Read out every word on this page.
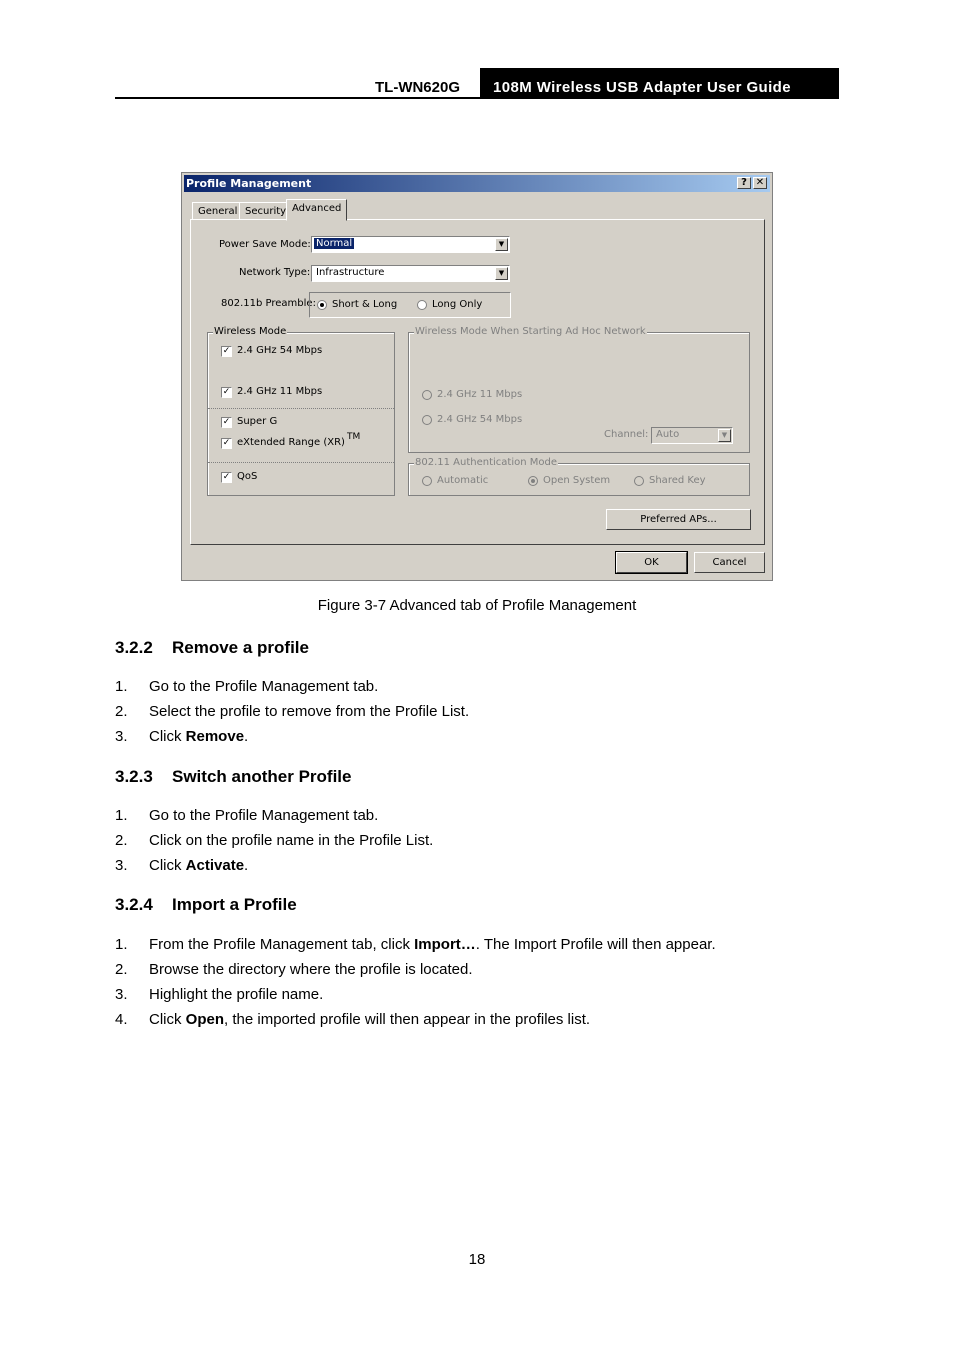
TL-WN620G 108M Wireless USB Adapter User Guide
Profile Management	? ✕
General Security Advanced
Power Save Mode: Normal	▼
Network Type: Infrastructure	▼
802.11b Preamble: Short & Long	Long Only
Wireless Mode
✓ 2.4 GHz 54 Mbps
✓ 2.4 GHz 11 Mbps
✓ Super G
✓ eXtended Range (XR) TM
✓ QoS
Wireless Mode When Starting Ad Hoc Network
2.4 GHz 11 Mbps
2.4 GHz 54 Mbps
Channel: Auto	▼
802.11 Authentication Mode
Automatic	Open System	Shared Key
Preferred APs...
OK	Cancel
Figure 3-7 Advanced tab of Profile Management
3.2.2 Remove a profile
1. Go to the Profile Management tab.
2. Select the profile to remove from the Profile List.
3. Click Remove.
3.2.3 Switch another Profile
1. Go to the Profile Management tab.
2. Click on the profile name in the Profile List.
3. Click Activate.
3.2.4 Import a Profile
1. From the Profile Management tab, click Import…. The Import Profile will then appear.
2. Browse the directory where the profile is located.
3. Highlight the profile name.
4. Click Open, the imported profile will then appear in the profiles list.
18
